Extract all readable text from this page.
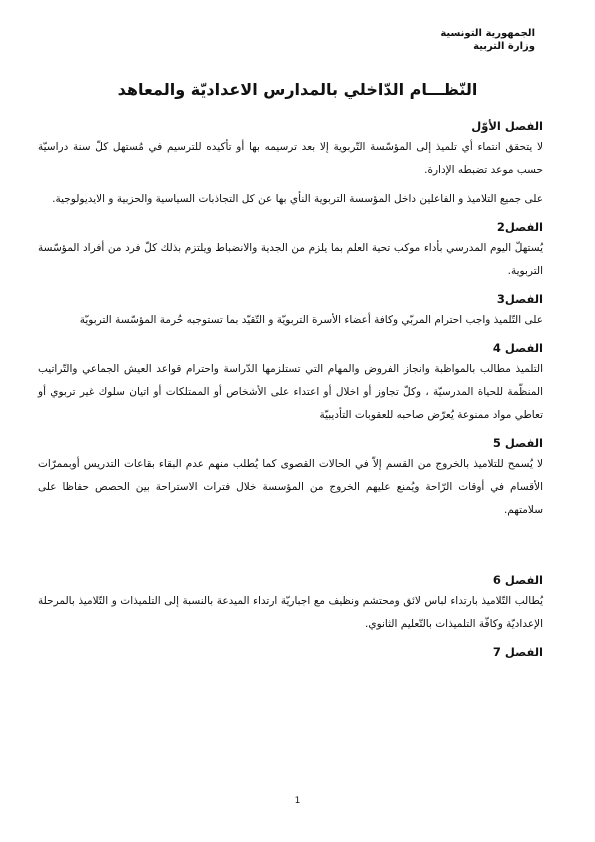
الجمهورية التونسية
وزارة التربية
النّظـــام الدّاخلي بالمدارس الاعداديّة والمعاهد

الفصل الأوّل

لا يتحقق انتماء أي تلميذ إلى المؤسّسة التّربوية إلا بعد ترسيمه بها أو تأكيده للترسيم في مُستهل كلّ سنة دراسيّة حسب موعد تضبطه الإدارة.

على جميع التلاميذ و الفاعلين داخل المؤسسة التربوية النأي بها عن كل التجاذبات السياسية والحزبية و الايديولوجية.

الفصل2

يُستهلّ اليوم المدرسي بأداء موكب تحية العلم بما يلزم من الجدية والانضباط ويلتزم بذلك كلّ فرد من أفراد المؤسّسة التربوية.

الفصل3

على التّلميذ واجب احترام المربّي وكافة أعضاء الأسرة التربويّة و التّقيّد بما تستوجبه حُرمة المؤسّسة التربويّة

الفصل 4

التلميذ مطالب بالمواظبة وانجاز الفروض والمهام التي تستلزمها الدّراسة واحترام قواعد العيش الجماعي والتّراتيب المنظّمة للحياة المدرسيّة ، وكلّ تجاوز أو اخلال أو اعتداء على الأشخاص أو الممتلكات أو اتيان سلوك غير تربوي أو تعاطي مواد ممنوعة يُعرّض صاحبه للعقوبات التأديبيّة

الفصل 5

لا يُسمح للتلاميذ بالخروج من القسم إلاّ في الحالات القصوى كما يُطلب منهم عدم البقاء بقاعات التدريس أوبممرّات الأقسام في أوقات الرّاحة ويُمنع عليهم الخروج من المؤسسة خلال فترات الاستراحة بين الحصص حفاظا على سلامتهم.

الفصل 6

يُطالب التّلاميذ بارتداء لباس لائق ومحتشم ونظيف مع اجباريّة ارتداء الميدعة بالنسبة إلى التلميذات و التّلاميذ بالمرحلة الإعداديّة وكافّة التلميذات بالتّعليم الثانوي.

الفصل 7

1
